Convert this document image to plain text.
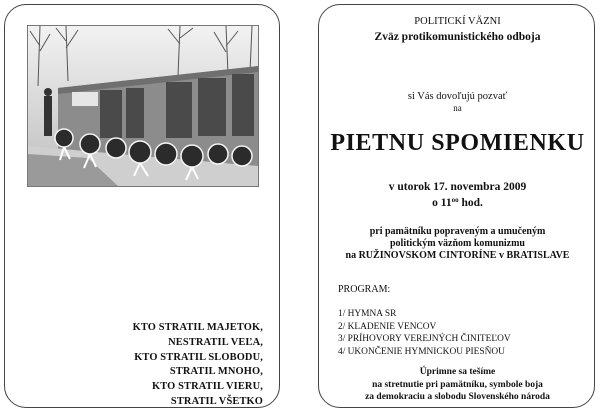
KTO STRATIL MAJETOK,
NESTRATIL VEĽA,
KTO STRATIL SLOBODU,
STRATIL MNOHO,
KTO STRATIL VIERU,
STRATIL VŠETKO
POLITICKÍ VÄZNI
Zväz protikomunistického odboja
si Vás dovoľujú pozvať
na
PIETNU SPOMIENKU
v utorok 17. novembra 2009
o $11^{oo}$ hod.
pri pamätníku popraveným a umučeným
politickým väzňom komunizmu
na RUŽINOVSKOM CINTORÍNE v BRATISLAVE
PROGRAM:
1/ HYMNA SR
2/ KLADENIE VENCOV
3/ PRÍHOVORY VEREJNÝCH ČINITEĽOV
4/ UKONČENIE HYMNICKOU PIESŇOU
Úprimne sa tešíme
na stretnutie pri pamätníku, symbole boja
za demokraciu a slobodu Slovenského národa
